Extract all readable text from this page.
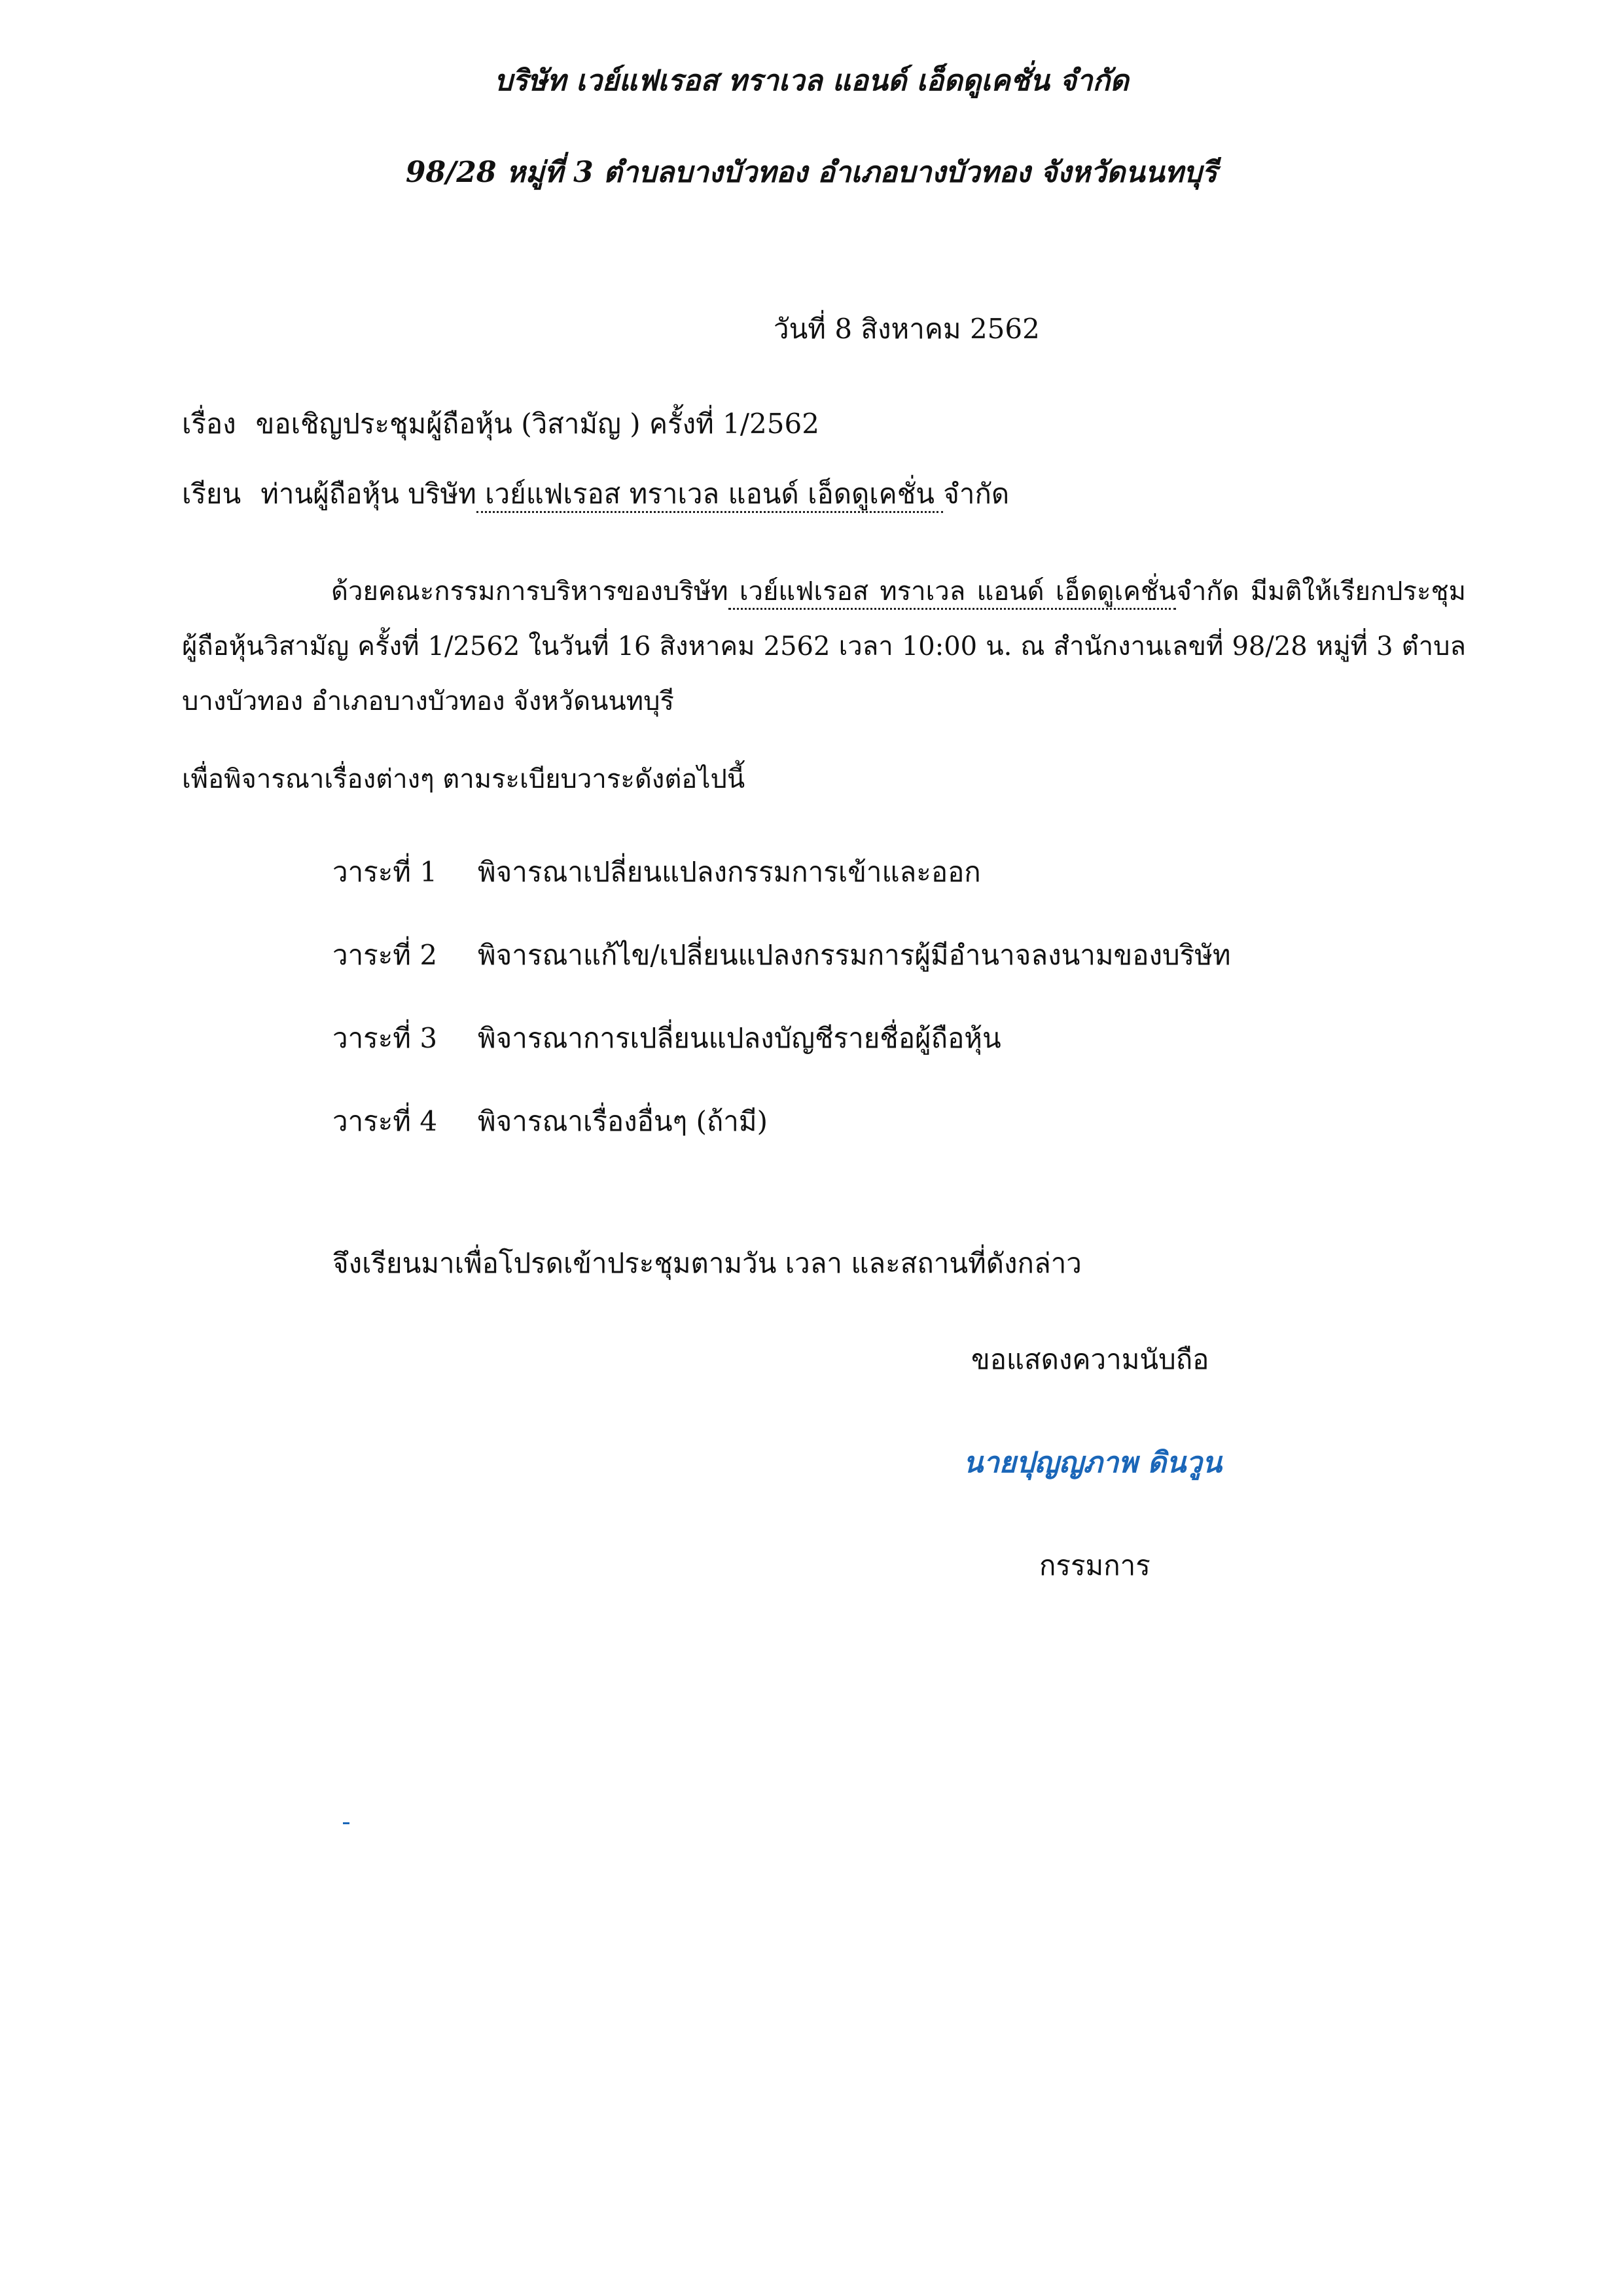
บริษัท เวย์แฟเรอส ทราเวล แอนด์ เอ็ดดูเคชั่น จำกัด
98/28 หมู่ที่ 3 ตำบลบางบัวทอง อำเภอบางบัวทอง จังหวัดนนทบุรี
วันที่ 8 สิงหาคม 2562
เรื่อง ขอเชิญประชุมผู้ถือหุ้น (วิสามัญ ) ครั้งที่ 1/2562
เรียน ท่านผู้ถือหุ้น บริษัท เวย์แฟเรอส ทราเวล แอนด์ เอ็ดดูเคชั่น จำกัด

ด้วยคณะกรรมการบริหารของบริษัท เวย์แฟเรอส ทราเวล แอนด์ เอ็ดดูเคชั่นจำกัด มีมติให้เรียกประชุมผู้ถือหุ้นวิสามัญ ครั้งที่ 1/2562 ในวันที่ 16 สิงหาคม 2562 เวลา 10:00 น. ณ สำนักงานเลขที่ 98/28 หมู่ที่ 3 ตำบลบางบัวทอง อำเภอบางบัวทอง จังหวัดนนทบุรี

เพื่อพิจารณาเรื่องต่างๆ ตามระเบียบวาระดังต่อไปนี้
วาระที่ 1	พิจารณาเปลี่ยนแปลงกรรมการเข้าและออก
วาระที่ 2	พิจารณาแก้ไข/เปลี่ยนแปลงกรรมการผู้มีอำนาจลงนามของบริษัท
วาระที่ 3	พิจารณาการเปลี่ยนแปลงบัญชีรายชื่อผู้ถือหุ้น
วาระที่ 4	พิจารณาเรื่องอื่นๆ (ถ้ามี)
จึงเรียนมาเพื่อโปรดเข้าประชุมตามวัน เวลา และสถานที่ดังกล่าว
ขอแสดงความนับถือ
นายปุญญภาพ ดินวูน
กรรมการ
